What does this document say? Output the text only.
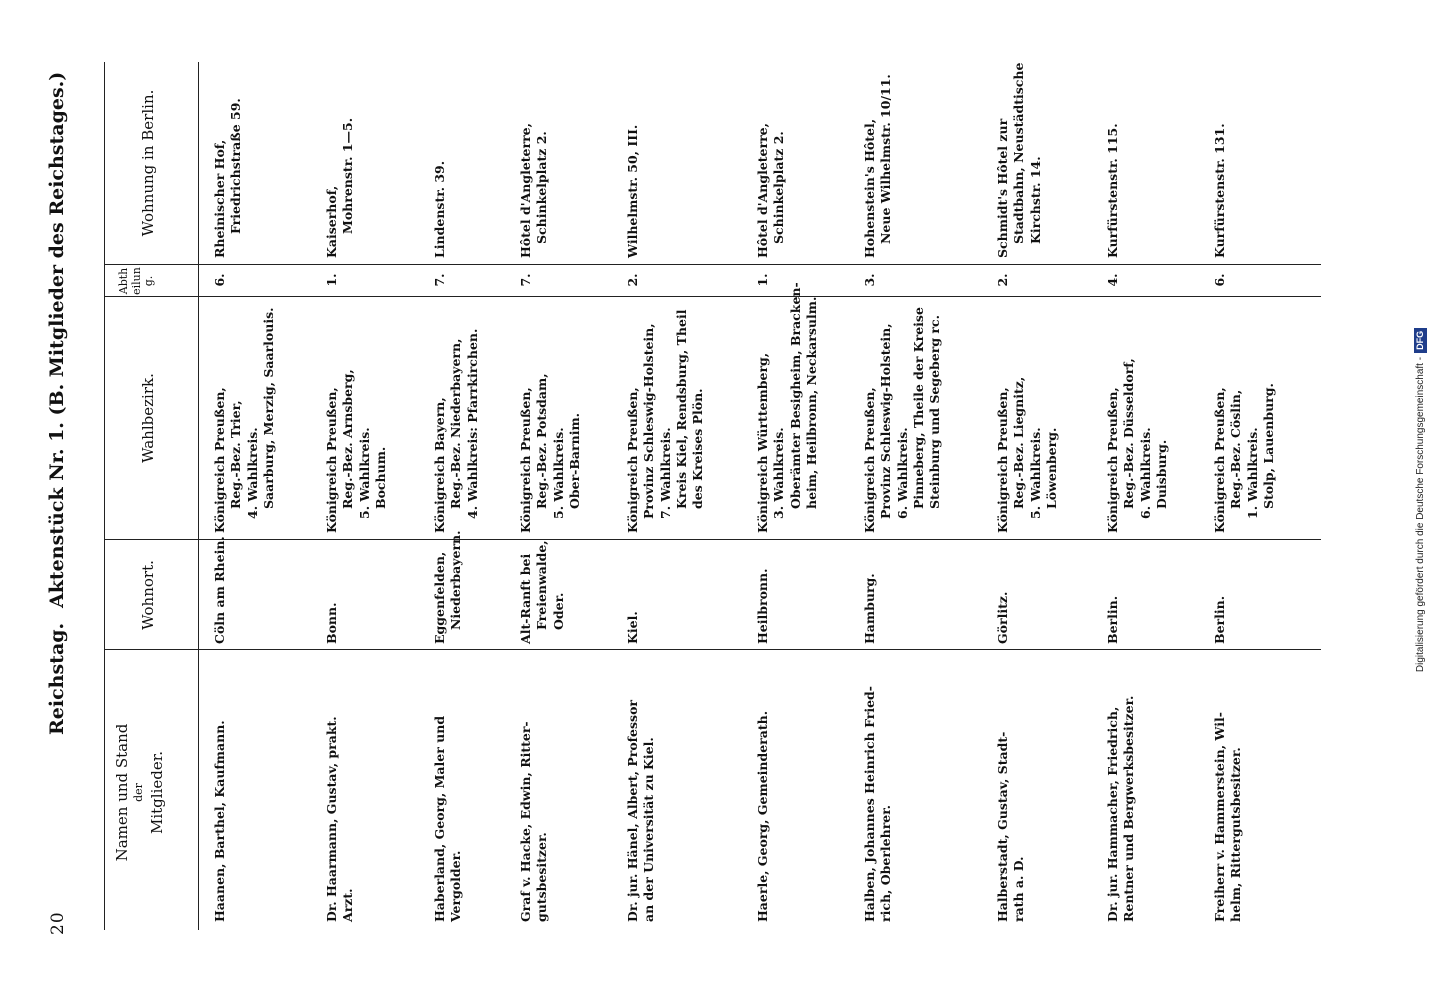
20
Reichstag.
Aktenstück Nr. 1. (B. Mitglieder des Reichstages.)
Namen und Stand der Mitglieder.
Wohnort.
Wahlbezirk.
Abtheilung.
Wohnung in Berlin.
Haanen, Barthel, Kaufmann.
Cöln am Rhein.
Königreich Preußen, Reg.-Bez. Trier, 4. Wahlkreis. Saarburg, Merzig, Saarlouis.
6.
Rheinischer Hof, Friedrichstraße 59.
Dr. Haarmann, Gustav, prakt. Arzt.
Bonn.
Königreich Preußen, Reg.-Bez. Arnsberg, 5. Wahlkreis. Bochum.
1.
Kaiserhof, Mohrenstr. 1—5.
Haberland, Georg, Maler und Vergolder.
Eggenfelden, Niederbayern.
Königreich Bayern, Reg.-Bez. Niederbayern, 4. Wahlkreis: Pfarrkirchen.
7.
Lindenstr. 39.
Graf v. Hacke, Edwin, Ritter- gutsbesitzer.
Alt-Ranft bei Freienwalde, Oder.
Königreich Preußen, Reg.-Bez. Potsdam, 5. Wahlkreis. Ober-Barnim.
7.
Hôtel d'Angleterre, Schinkelplatz 2.
Dr. jur. Hänel, Albert, Professor an der Universität zu Kiel.
Kiel.
Königreich Preußen, Provinz Schleswig-Holstein, 7. Wahlkreis. Kreis Kiel, Rendsburg, Theil des Kreises Plön.
2.
Wilhelmstr. 50, III.
Haerle, Georg, Gemeinderath.
Heilbronn.
Königreich Württemberg, 3. Wahlkreis. Oberämter Besigheim, Bracken- heim, Heilbronn, Neckarsulm.
1.
Hôtel d'Angleterre, Schinkelplatz 2.
Halben, Johannes Heinrich Fried- rich, Oberlehrer.
Hamburg.
Königreich Preußen, Provinz Schleswig-Holstein, 6. Wahlkreis. Pinneberg, Theile der Kreise Steinburg und Segeberg rc.
3.
Hohenstein's Hôtel, Neue Wilhelmstr. 10/11.
Halberstadt, Gustav, Stadt- rath a. D.
Görlitz.
Königreich Preußen, Reg.-Bez. Liegnitz, 5. Wahlkreis. Löwenberg.
2.
Schmidt's Hôtel zur Stadtbahn, Neustädtische Kirchstr. 14.
Dr. jur. Hammacher, Friedrich, Rentner und Bergwerksbesitzer.
Berlin.
Königreich Preußen, Reg.-Bez. Düsseldorf, 6. Wahlkreis. Duisburg.
4.
Kurfürstenstr. 115.
Freiherr v. Hammerstein, Wil- helm, Rittergutsbesitzer.
Berlin.
Königreich Preußen, Reg.-Bez. Cöslin, 1. Wahlkreis. Stolp, Lauenburg.
6.
Kurfürstenstr. 131.
Digitalisierung gefördert durch die Deutsche Forschungsgemeinschaft -DFG
